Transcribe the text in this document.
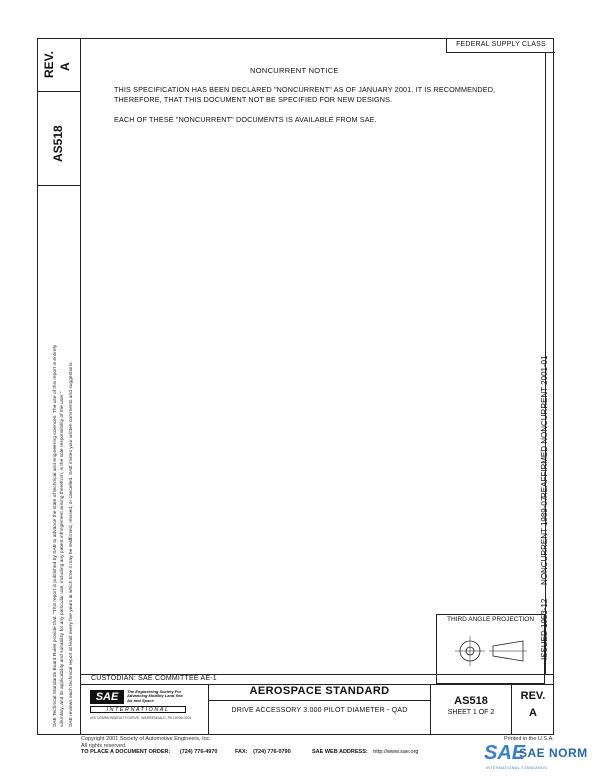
REV. A
AS518
SAE Technical Standards Board Rules provide that: "This report is published by SAE to advance the state of technical and engineering sciences. The use of this report is entirely voluntary, and its applicability and suitability for any particular use, including any patent infringement arising therefrom, is the sole responsibility of the user." SAE reviews each technical report at least every five years at which time it may be reaffirmed, revised, or cancelled. SAE invites your written comments and suggestions.
FEDERAL SUPPLY CLASS
NONCURRENT NOTICE
THIS SPECIFICATION HAS BEEN DECLARED "NONCURRENT" AS OF JANUARY 2001. IT IS RECOMMENDED,
THEREFORE, THAT THIS DOCUMENT NOT BE SPECIFIED FOR NEW DESIGNS.
EACH OF THESE "NONCURRENT" DOCUMENTS IS AVAILABLE FROM SAE.
ISSUED 1953-12
NONCURRENT 1989-07
REAFFIRMED NONCURRENT 2001-01
THIRD ANGLE PROJECTION
CUSTODIAN: SAE COMMITTEE AE-1
SAE	The Engineering Society For Advancing Mobility Land Sea Air and Space
INTERNATIONAL
400 COMMONWEALTH DRIVE, WARRENDALE, PA 15096-0001
AEROSPACE STANDARD
DRIVE ACCESSORY 3.000 PILOT DIAMETER - QAD
AS518
SHEET 1 OF 2
REV.
A
Copyright 2001 Society of Automotive Engineers, Inc.
All rights reserved.
Printed in the U.S.A.
TO PLACE A DOCUMENT ORDER: (724) 776-4970	FAX: (724) 776-0790	SAE WEB ADDRESS: http://www.sae.org	SAE
SAE NORM
INTERNATIONAL STANDARDS
